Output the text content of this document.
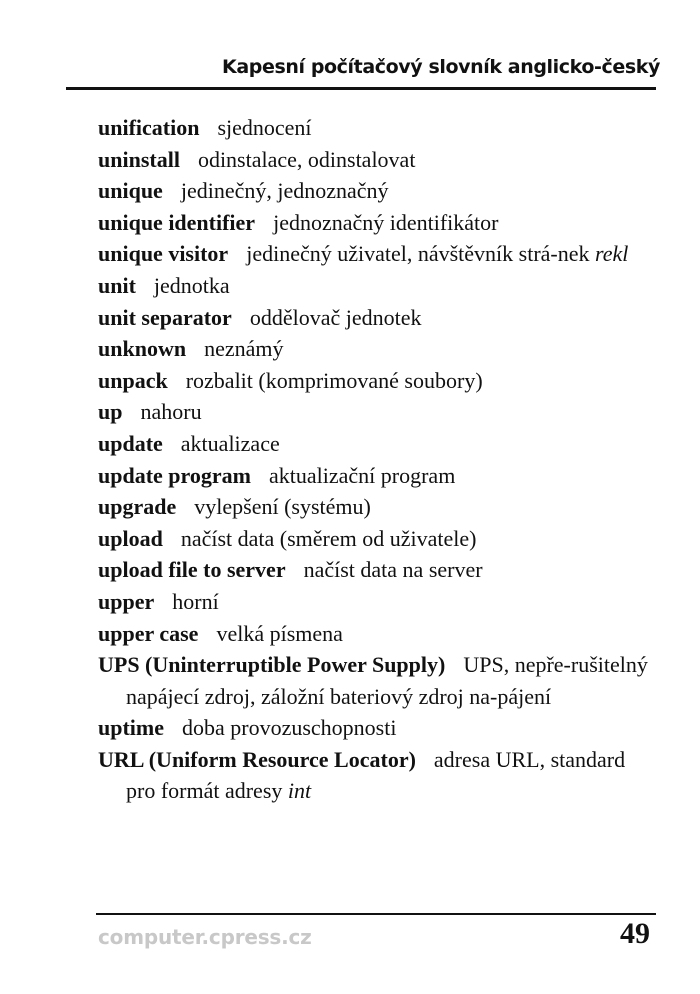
Kapesní počítačový slovník anglicko-český
unification sjednocení
uninstall odinstalace, odinstalovat
unique jedinečný, jednoznačný
unique identifier jednoznačný identifikátor
unique visitor jedinečný uživatel, návštěvník strá-nek rekl
unit jednotka
unit separator oddělovač jednotek
unknown neznámý
unpack rozbalit (komprimované soubory)
up nahoru
update aktualizace
update program aktualizační program
upgrade vylepšení (systému)
upload načíst data (směrem od uživatele)
upload file to server načíst data na server
upper horní
upper case velká písmena
UPS (Uninterruptible Power Supply) UPS, nepře-rušitelný napájecí zdroj, záložní bateriový zdroj na-pájení
uptime doba provozuschopnosti
URL (Uniform Resource Locator) adresa URL, standard pro formát adresy int
computer.cpress.cz	49
